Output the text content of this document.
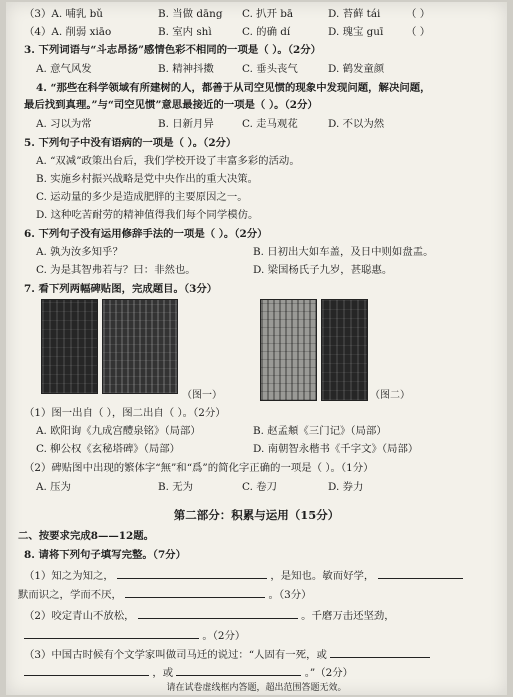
（3）A. 哺乳 bǔ	B. 当做 dāng C. 扒开 bā	D. 苔藓 tái （ ）
（4）A. 削弱 xiāo	B. 室内 shì	C. 的确 dí	D. 瑰宝 guī （ ）
3. 下列词语与“斗志昂扬”感情色彩不相同的一项是（ ）。（2分）
A. 意气风发	B. 精神抖擞	C. 垂头丧气	D. 鹤发童颜
4. “那些在科学领域有所建树的人，都善于从司空见惯的现象中发现问题，解决问题，
最后找到真理。”与“司空见惯”意思最接近的一项是（ ）。（2分）
A. 习以为常	B. 日新月异	C. 走马观花	D. 不以为然
5. 下列句子中没有语病的一项是（ ）。（2分）
A. “双减”政策出台后，我们学校开设了丰富多彩的活动。
B. 实施乡村振兴战略是党中央作出的重大决策。
C. 运动量的多少是造成肥胖的主要原因之一。
D. 这种吃苦耐劳的精神值得我们每个同学模仿。
6. 下列句子没有运用修辞手法的一项是（ ）。（2分）
A. 孰为汝多知乎？	B. 日初出大如车盖，及日中则如盘盂。
C. 为是其智弗若与？曰：非然也。	D. 梁国杨氏子九岁，甚聪惠。
7. 看下列两幅碑贴图，完成题目。（3分）
（图一）	（图二）
（1）图一出自（ ），图二出自（ ）。（2分）
A. 欧阳询《九成宫醴泉铭》（局部）	B. 赵孟頫《三门记》（局部）
C. 柳公权《玄秘塔碑》（局部）	D. 南朝智永楷书《千字文》（局部）
（2）碑贴图中出现的繁体字“無”和“爲”的简化字正确的一项是（ ）。（1分）
A. 压为	B. 无为	C. 卷刀	D. 券力
第二部分：积累与运用（15分）
二、按要求完成8——12题。
8. 请将下列句子填写完整。（7分）
（1）知之为知之，	，是知也。敏而好学，
默而识之，学而不厌，	。（3分）
（2）咬定青山不放松，	。千磨万击还坚劲，
。（2分）
（3）中国古时候有个文学家叫做司马迁的说过：“人固有一死，或
，或	。”（2分）
请在试卷虚线框内答题，超出范围答题无效。
